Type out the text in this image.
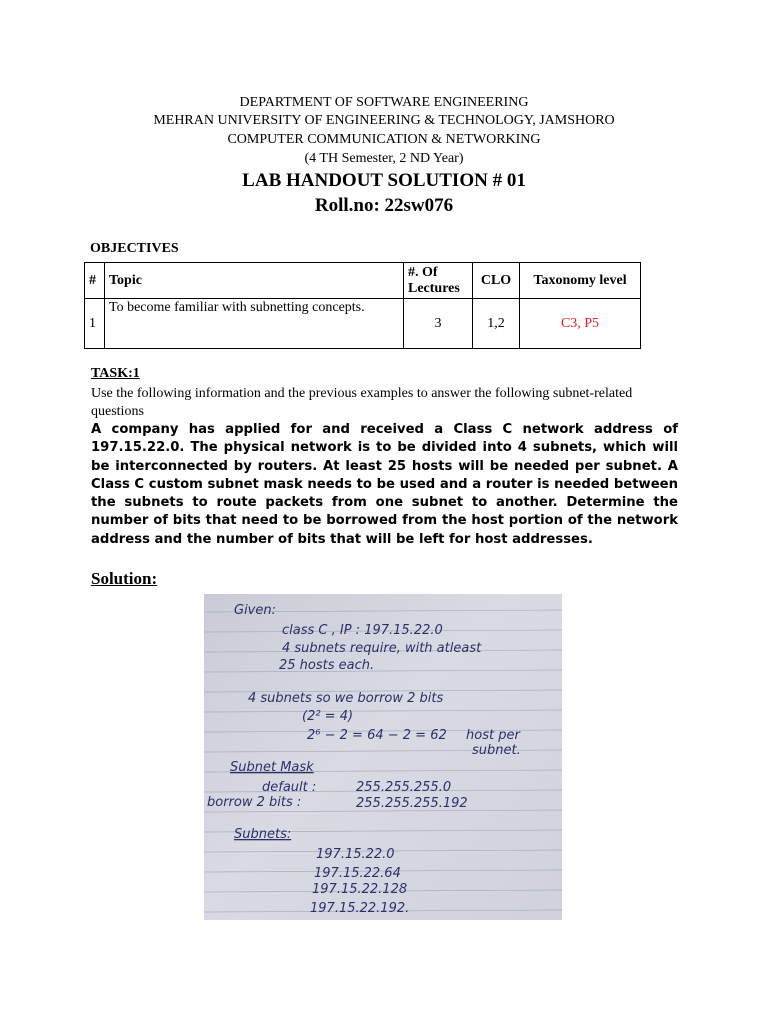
DEPARTMENT OF SOFTWARE ENGINEERING
MEHRAN UNIVERSITY OF ENGINEERING & TECHNOLOGY, JAMSHORO
COMPUTER COMMUNICATION & NETWORKING
(4 TH Semester, 2 ND Year)
LAB HANDOUT SOLUTION # 01
Roll.no: 22sw076
OBJECTIVES
#	Topic	#. Of Lectures	CLO	Taxonomy level
1	To become familiar with subnetting concepts.	3	1,2	C3, P5
TASK:1
Use the following information and the previous examples to answer the following subnet-related questions
A company has applied for and received a Class C network address of 197.15.22.0. The physical network is to be divided into 4 subnets, which will be interconnected by routers. At least 25 hosts will be needed per subnet. A Class C custom subnet mask needs to be used and a router is needed between the subnets to route packets from one subnet to another. Determine the number of bits that need to be borrowed from the host portion of the network address and the number of bits that will be left for host addresses.
Solution:
Given:
class C , IP : 197.15.22.0
4 subnets require, with atleast
25 hosts each.
4 subnets so we borrow 2 bits
(2² = 4)
2⁶ − 2 = 64 − 2 = 62 host per
subnet.
Subnet Mask
default :	255.255.255.0
borrow 2 bits :	255.255.255.192
Subnets:
197.15.22.0
197.15.22.64
197.15.22.128
197.15.22.192.
